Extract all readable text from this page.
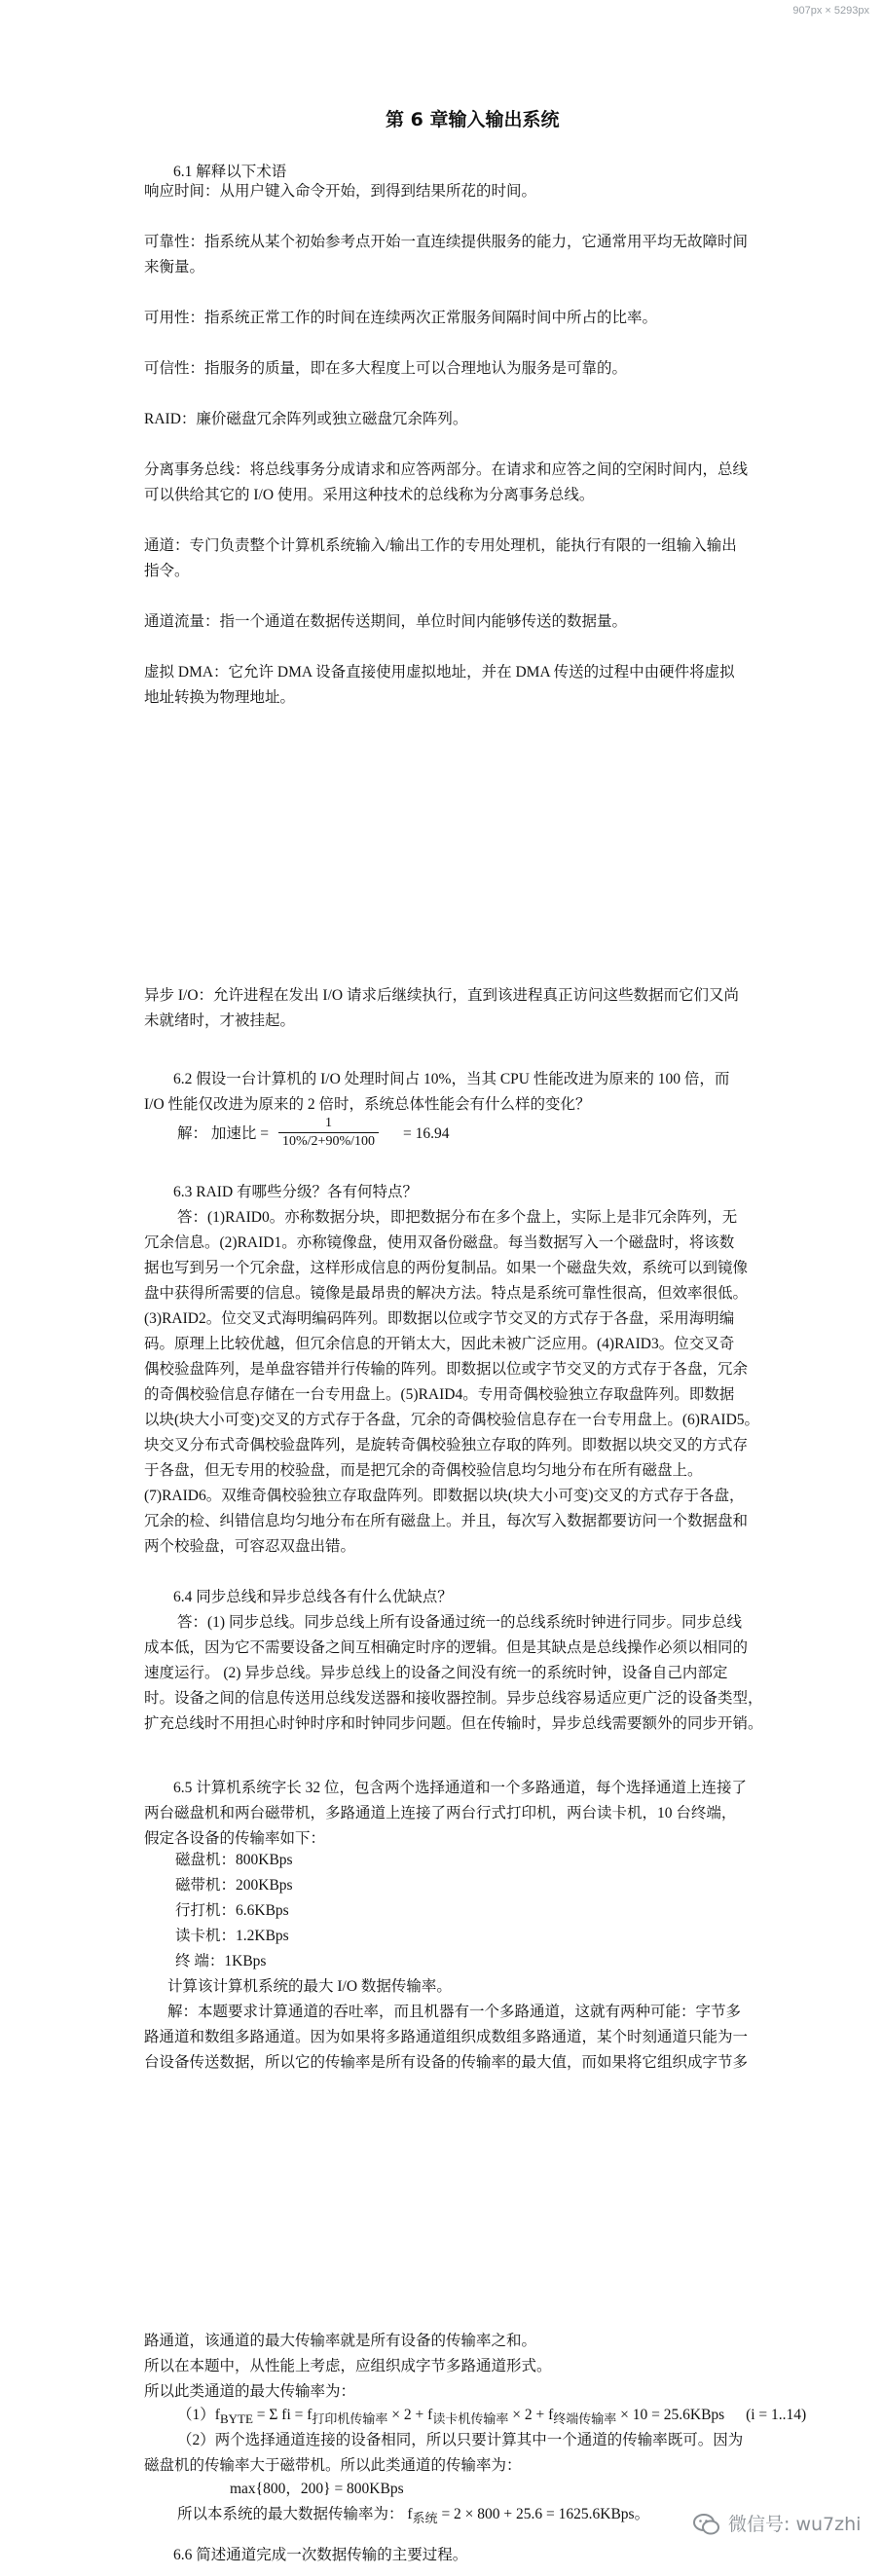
907px × 5293px
第 6 章输入输出系统
6.1 解释以下术语
响应时间：从用户键入命令开始，到得到结果所花的时间。
可靠性：指系统从某个初始参考点开始一直连续提供服务的能力，它通常用平均无故障时间
来衡量。
可用性：指系统正常工作的时间在连续两次正常服务间隔时间中所占的比率。
可信性：指服务的质量，即在多大程度上可以合理地认为服务是可靠的。
RAID：廉价磁盘冗余阵列或独立磁盘冗余阵列。
分离事务总线：将总线事务分成请求和应答两部分。在请求和应答之间的空闲时间内，总线
可以供给其它的 I/O 使用。采用这种技术的总线称为分离事务总线。
通道：专门负责整个计算机系统输入/输出工作的专用处理机，能执行有限的一组输入输出
指令。
通道流量：指一个通道在数据传送期间，单位时间内能够传送的数据量。
虚拟 DMA：它允许 DMA 设备直接使用虚拟地址，并在 DMA 传送的过程中由硬件将虚拟
地址转换为物理地址。
异步 I/O：允许进程在发出 I/O 请求后继续执行，直到该进程真正访问这些数据而它们又尚
未就绪时，才被挂起。
6.2 假设一台计算机的 I/O 处理时间占 10%，当其 CPU 性能改进为原来的 100 倍，而
I/O 性能仅改进为原来的 2 倍时，系统总体性能会有什么样的变化？
解： 加速比 = $\frac{1}{10\%/2+90\%/100} = 16.94$
6.3 RAID 有哪些分级？各有何特点？
答：(1)RAID0。亦称数据分块，即把数据分布在多个盘上，实际上是非冗余阵列，无
冗余信息。(2)RAID1。亦称镜像盘，使用双备份磁盘。每当数据写入一个磁盘时，将该数
据也写到另一个冗余盘，这样形成信息的两份复制品。如果一个磁盘失效，系统可以到镜像
盘中获得所需要的信息。镜像是最昂贵的解决方法。特点是系统可靠性很高，但效率很低。
(3)RAID2。位交叉式海明编码阵列。即数据以位或字节交叉的方式存于各盘，采用海明编
码。原理上比较优越，但冗余信息的开销太大，因此未被广泛应用。(4)RAID3。位交叉奇
偶校验盘阵列，是单盘容错并行传输的阵列。即数据以位或字节交叉的方式存于各盘，冗余
的奇偶校验信息存储在一台专用盘上。(5)RAID4。专用奇偶校验独立存取盘阵列。即数据
以块(块大小可变)交叉的方式存于各盘，冗余的奇偶校验信息存在一台专用盘上。(6)RAID5。
块交叉分布式奇偶校验盘阵列，是旋转奇偶校验独立存取的阵列。即数据以块交叉的方式存
于各盘，但无专用的校验盘，而是把冗余的奇偶校验信息均匀地分布在所有磁盘上。
(7)RAID6。双维奇偶校验独立存取盘阵列。即数据以块(块大小可变)交叉的方式存于各盘，
冗余的检、纠错信息均匀地分布在所有磁盘上。并且，每次写入数据都要访问一个数据盘和
两个校验盘，可容忍双盘出错。
6.4 同步总线和异步总线各有什么优缺点？
答：(1) 同步总线。同步总线上所有设备通过统一的总线系统时钟进行同步。同步总线
成本低，因为它不需要设备之间互相确定时序的逻辑。但是其缺点是总线操作必须以相同的
速度运行。 (2) 异步总线。异步总线上的设备之间没有统一的系统时钟，设备自己内部定
时。设备之间的信息传送用总线发送器和接收器控制。异步总线容易适应更广泛的设备类型，
扩充总线时不用担心时钟时序和时钟同步问题。但在传输时，异步总线需要额外的同步开销。
6.5 计算机系统字长 32 位，包含两个选择通道和一个多路通道，每个选择通道上连接了
两台磁盘机和两台磁带机，多路通道上连接了两台行式打印机，两台读卡机，10 台终端，
假定各设备的传输率如下：
磁盘机：800KBps
磁带机：200KBps
行打机：6.6KBps
读卡机：1.2KBps
终 端：1KBps
计算该计算机系统的最大 I/O 数据传输率。
解：本题要求计算通道的吞吐率，而且机器有一个多路通道，这就有两种可能：字节多
路通道和数组多路通道。因为如果将多路通道组织成数组多路通道，某个时刻通道只能为一
台设备传送数据，所以它的传输率是所有设备的传输率的最大值，而如果将它组织成字节多
路通道，该通道的最大传输率就是所有设备的传输率之和。
所以在本题中，从性能上考虑，应组织成字节多路通道形式。
所以此类通道的最大传输率为：
$(1)f_{BYTE} = \Sigma$ fi = $f_{打印机传输率} \times 2 + f_{读卡机传输率} \times 2 + f_{终端传输率} \times 10$ = 25.6KBps (i = 1..14)
（2）两个选择通道连接的设备相同，所以只要计算其中一个通道的传输率既可。因为
磁盘机的传输率大于磁带机。所以此类通道的传输率为：
max{800，200} = 800KBps
所以本系统的最大数据传输率为： $f_{系统} = 2 \times 800 + 25.6$ = 1625.6KBps。
6.6 简述通道完成一次数据传输的主要过程。
微信号: wu7zhi
